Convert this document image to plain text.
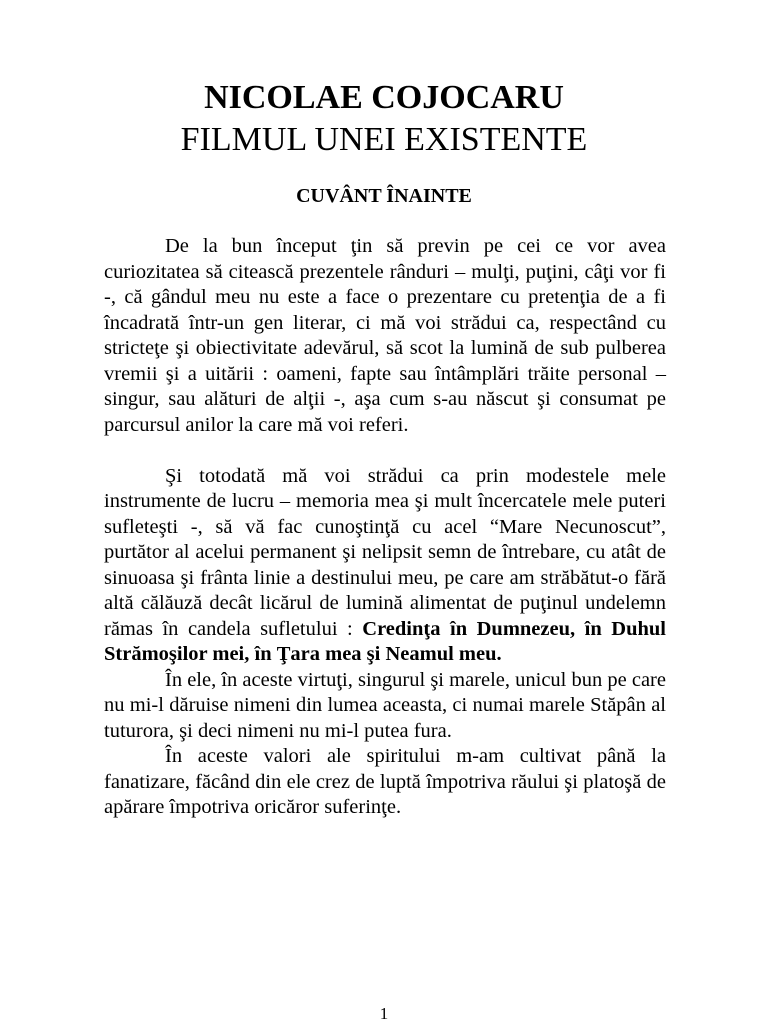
NICOLAE COJOCARU
FILMUL UNEI EXISTENTE
CUVÂNT ÎNAINTE

De la bun început ţin să previn pe cei ce vor avea curiozitatea să citească prezentele rânduri – mulţi, puţini, câţi vor fi -, că gândul meu nu este a face o prezentare cu pretenţia de a fi încadrată într-un gen literar, ci mă voi strădui ca, respectând cu stricteţe şi obiectivitate adevărul, să scot la lumină de sub pulberea vremii şi a uitării : oameni, fapte sau întâmplări trăite personal – singur, sau alături de alţii -, aşa cum s-au născut şi consumat pe parcursul anilor la care mă voi referi.

Şi totodată mă voi strădui ca prin modestele mele instrumente de lucru – memoria mea şi mult încercatele mele puteri sufleteşti -, să vă fac cunoştinţă cu acel “Mare Necunoscut”, purtător al acelui permanent şi nelipsit semn de întrebare, cu atât de sinuoasa şi frânta linie a destinului meu, pe care am străbătut-o fără altă călăuză decât licărul de lumină alimentat de puţinul undelemn rămas în candela sufletului : Credinţa în Dumnezeu, în Duhul Strămoşilor mei, în Ţara mea şi Neamul meu.

În ele, în aceste virtuţi, singurul şi marele, unicul bun pe care nu mi-l dăruise nimeni din lumea aceasta, ci numai marele Stăpân al tuturora, şi deci nimeni nu mi-l putea fura.

În aceste valori ale spiritului m-am cultivat până la fanatizare, făcând din ele crez de luptă împotriva răului şi platoşă de apărare împotriva oricăror suferinţe.

1
